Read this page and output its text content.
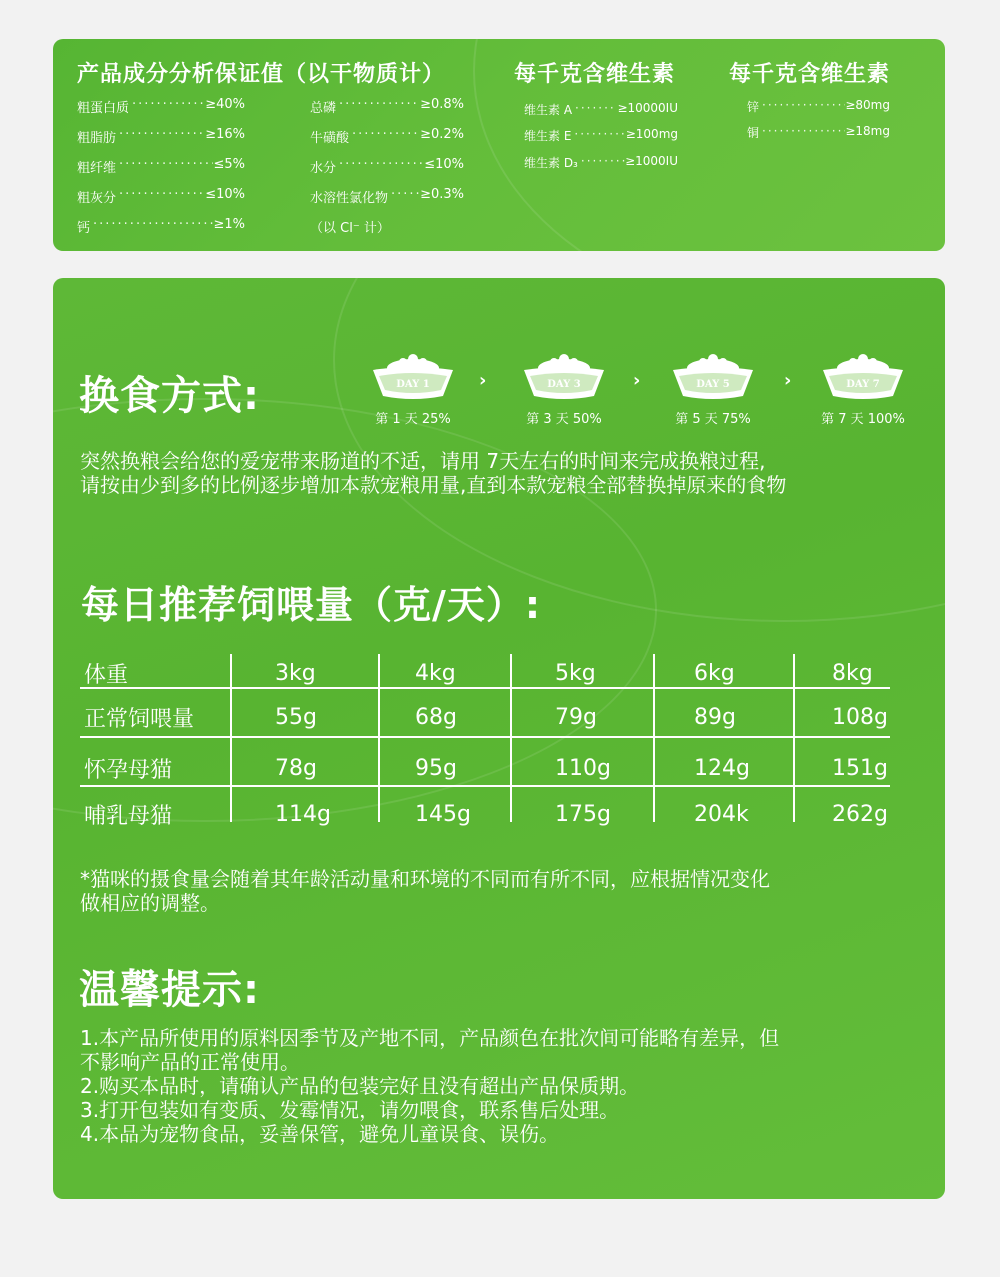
产品成分分析保证值（以干物质计）	每千克含维生素 每千克含维生素
粗蛋白质 ·····	≥40%
粗脂肪 ·····	≥16%
粗纤维 ·····	≤5%
粗灰分 ·····	≤10%
钙 ·····	≥1%
总磷 ·····	≥0.8%
牛磺酸 ·····	≥0.2%
水分 ·····	≤10%
水溶性氯化物 ····· ≥0.3%
（以 Cl⁻ 计）
维生素 A ·····	≥10000IU
维生素 E ·····	≥100mg
维生素 D₃ ·····	≥1000IU
锌 ·····	≥80mg
铜 ·····	≥18mg
换食方式:	DAY 1
第 1 天 25%
›	DAY 3
第 3 天 50%
›	DAY 5
第 5 天 75%
›	DAY 7
第 7 天 100%
突然换粮会给您的爱宠带来肠道的不适，请用 7天左右的时间来完成换粮过程,
请按由少到多的比例逐步增加本款宠粮用量,直到本款宠粮全部替换掉原来的食物
每日推荐饲喂量（克/天）:
体重	3kg	4kg	5kg	6kg	8kg
正常饲喂量	55g	68g	79g	89g	108g
怀孕母猫	78g	95g	110g	124g	151g
哺乳母猫	114g	145g	175g	204k	262g
*猫咪的摄食量会随着其年龄活动量和环境的不同而有所不同，应根据情况变化
做相应的调整。
温馨提示:
1.本产品所使用的原料因季节及产地不同，产品颜色在批次间可能略有差异，但
不影响产品的正常使用。
2.购买本品时，请确认产品的包装完好且没有超出产品保质期。
3.打开包装如有变质、发霉情况，请勿喂食，联系售后处理。
4.本品为宠物食品，妥善保管，避免儿童误食、误伤。
